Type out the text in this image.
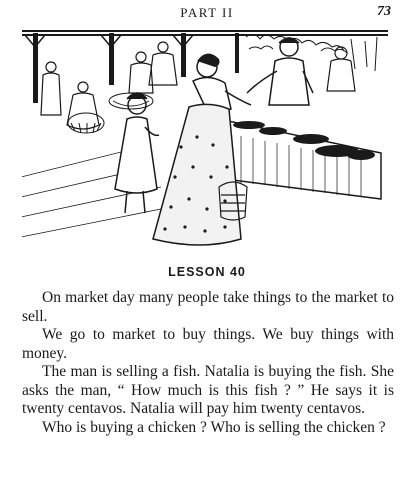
PART II	73
LESSON 40

On market day many people take things to the market to sell.

We go to market to buy things. We buy things with money.

The man is selling a fish. Natalia is buying the fish. She asks the man, “ How much is this fish ? ” He says it is twenty centavos. Natalia will pay him twenty centavos.

Who is buying a chicken ? Who is selling the chicken ?
